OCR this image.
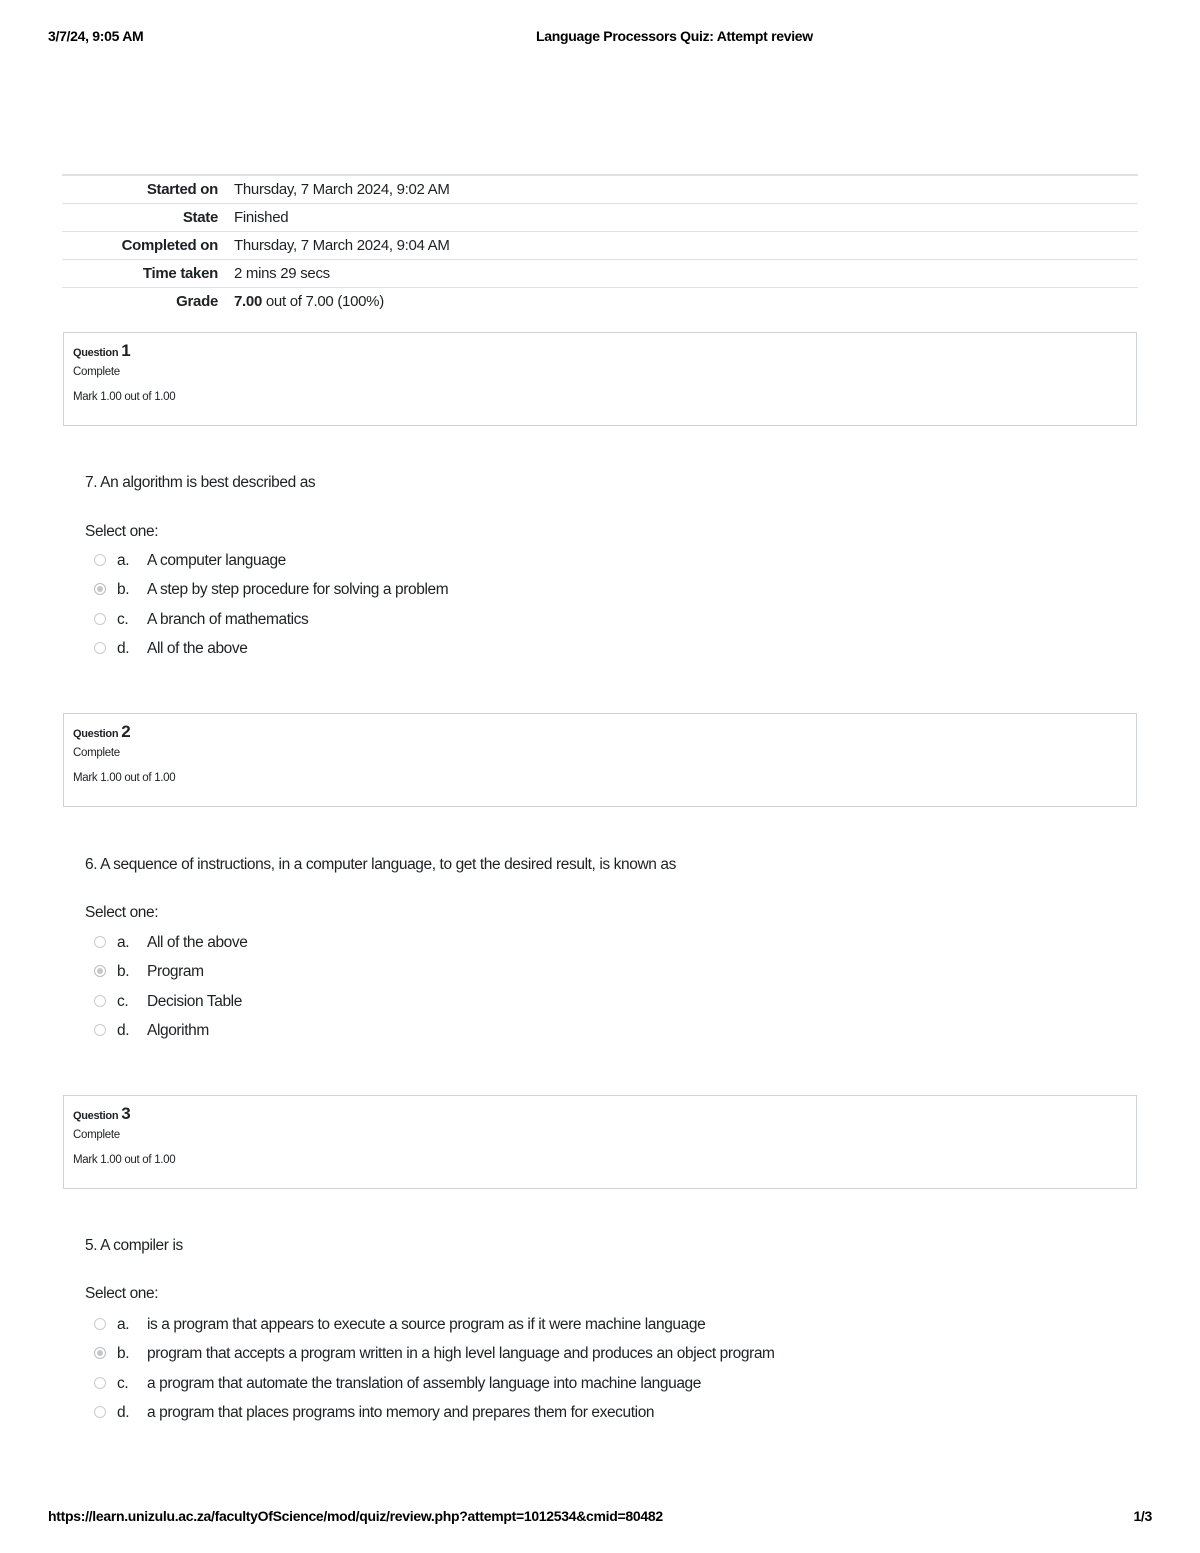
3/7/24, 9:05 AM	Language Processors Quiz: Attempt review
Started on	Thursday, 7 March 2024, 9:02 AM
State	Finished
Completed on	Thursday, 7 March 2024, 9:04 AM
Time taken	2 mins 29 secs
Grade	7.00 out of 7.00 (100%)
Question 1
Complete
Mark 1.00 out of 1.00
7. An algorithm is best described as
Select one:
a. A computer language
b. A step by step procedure for solving a problem
c. A branch of mathematics
d. All of the above
Question 2
Complete
Mark 1.00 out of 1.00
6. A sequence of instructions, in a computer language, to get the desired result, is known as
Select one:
a. All of the above
b. Program
c. Decision Table
d. Algorithm
Question 3
Complete
Mark 1.00 out of 1.00
5. A compiler is
Select one:
a. is a program that appears to execute a source program as if it were machine language
b. program that accepts a program written in a high level language and produces an object program
c. a program that automate the translation of assembly language into machine language
d. a program that places programs into memory and prepares them for execution
https://learn.unizulu.ac.za/facultyOfScience/mod/quiz/review.php?attempt=1012534&cmid=80482	1/3
